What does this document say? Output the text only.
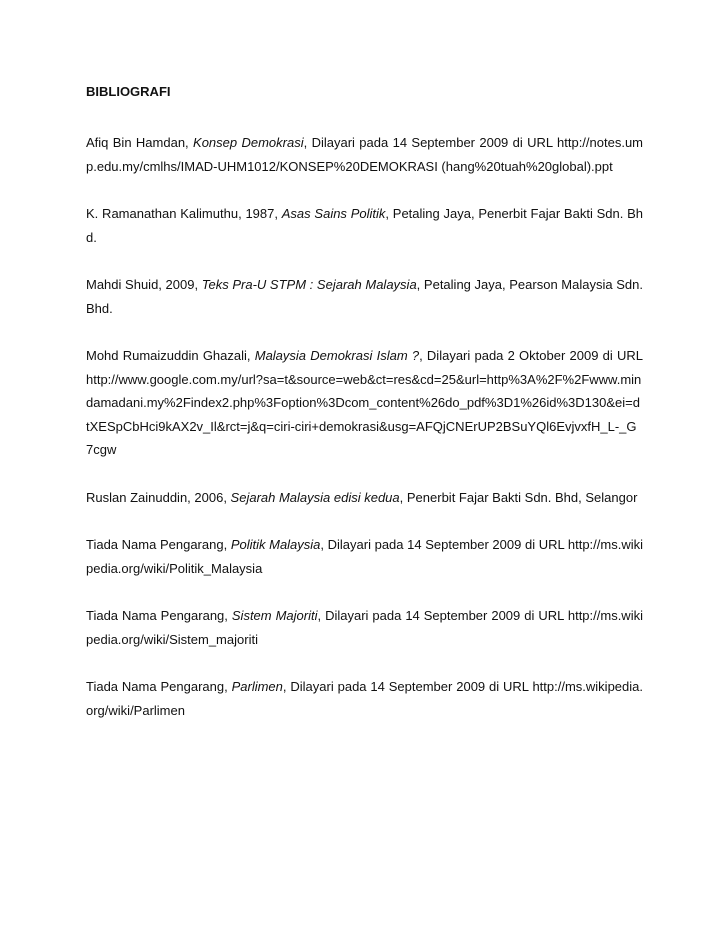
BIBLIOGRAFI
Afiq Bin Hamdan, Konsep Demokrasi, Dilayari pada 14 September 2009 di URL http://notes.ump.edu.my/cmlhs/IMAD-UHM1012/KONSEP%20DEMOKRASI (hang%20tuah%20global).ppt
K. Ramanathan Kalimuthu, 1987, Asas Sains Politik, Petaling Jaya, Penerbit Fajar Bakti Sdn. Bhd.
Mahdi Shuid, 2009, Teks Pra-U STPM : Sejarah Malaysia, Petaling Jaya, Pearson Malaysia Sdn. Bhd.
Mohd Rumaizuddin Ghazali, Malaysia Demokrasi Islam ?, Dilayari pada 2 Oktober 2009 di URL http://www.google.com.my/url?sa=t&source=web&ct=res&cd=25&url=http%3A%2F%2Fwww.mindamadani.my%2Findex2.php%3Foption%3Dcom_content%26do_pdf%3D1%26id%3D130&ei=dtXESpCbHci9kAX2v_Il&rct=j&q=ciri-ciri+demokrasi&usg=AFQjCNErUP2BSuYQl6EvjvxfH_L-_G7cgw
Ruslan Zainuddin, 2006, Sejarah Malaysia edisi kedua, Penerbit Fajar Bakti Sdn. Bhd, Selangor
Tiada Nama Pengarang, Politik Malaysia, Dilayari pada 14 September 2009 di URL http://ms.wikipedia.org/wiki/Politik_Malaysia
Tiada Nama Pengarang, Sistem Majoriti, Dilayari pada 14 September 2009 di URL http://ms.wikipedia.org/wiki/Sistem_majoriti
Tiada Nama Pengarang, Parlimen, Dilayari pada 14 September 2009 di URL http://ms.wikipedia.org/wiki/Parlimen
